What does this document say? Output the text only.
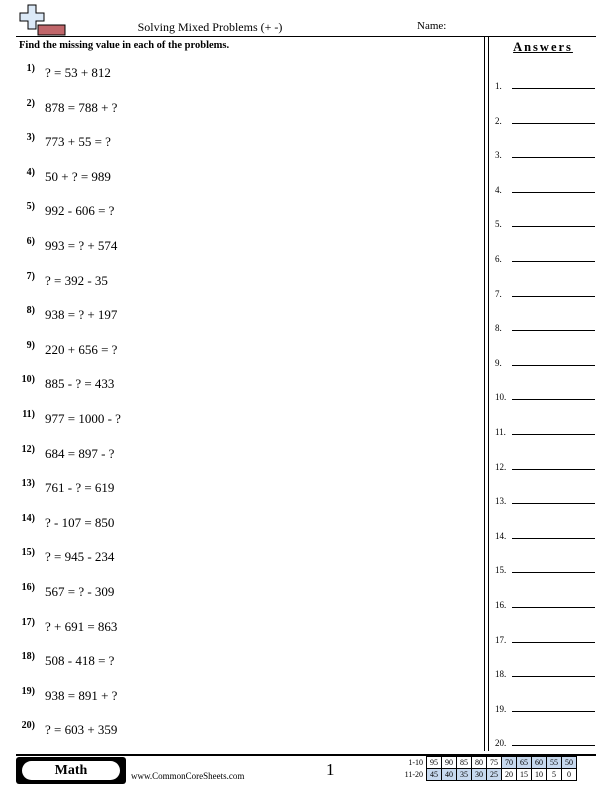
Solving Mixed Problems (+ -)	Name:
Find the missing value in each of the problems.
1) ? = 53 + 812
2) 878 = 788 + ?
3) 773 + 55 = ?
4) 50 + ? = 989
5) 992 - 606 = ?
6) 993 = ? + 574
7) ? = 392 - 35
8) 938 = ? + 197
9) 220 + 656 = ?
10) 885 - ? = 433
11) 977 = 1000 - ?
12) 684 = 897 - ?
13) 761 - ? = 619
14) ? - 107 = 850
15) ? = 945 - 234
16) 567 = ? - 309
17) ? + 691 = 863
18) 508 - 418 = ?
19) 938 = 891 + ?
20) ? = 603 + 359
Answers
1.
2.
3.
4.
5.
6.
7.
8.
9.
10.
11.
12.
13.
14.
15.
16.
17.
18.
19.
20.
Math	www.CommonCoreSheets.com	1	1-10	95	90	85	80	75	70	65	60	55	50
11-20	45	40	35	30	25	20	15	10	5	0
